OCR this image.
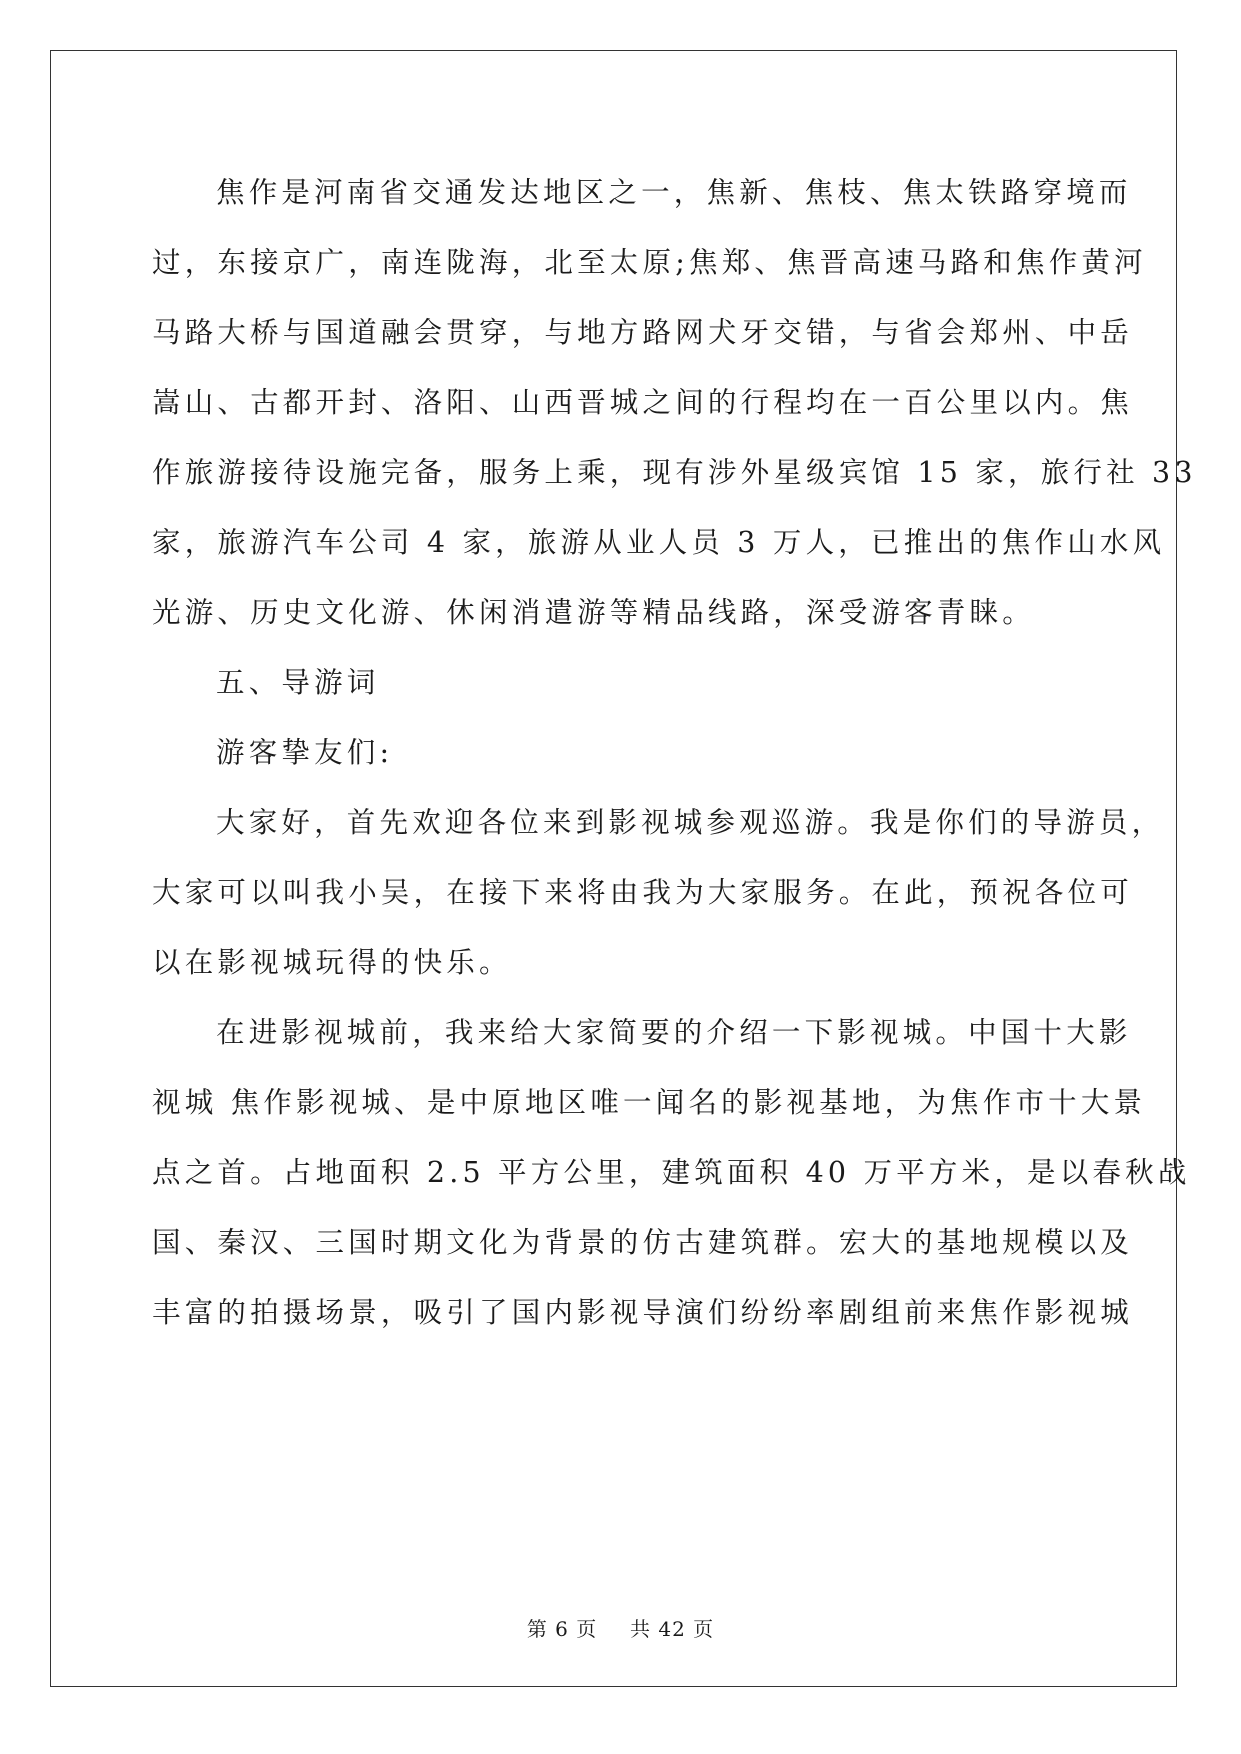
焦作是河南省交通发达地区之一，焦新、焦枝、焦太铁路穿境而
过，东接京广，南连陇海，北至太原;焦郑、焦晋高速马路和焦作黄河
马路大桥与国道融会贯穿，与地方路网犬牙交错，与省会郑州、中岳
嵩山、古都开封、洛阳、山西晋城之间的行程均在一百公里以内。焦
作旅游接待设施完备，服务上乘，现有涉外星级宾馆 15 家，旅行社 33
家，旅游汽车公司 4 家，旅游从业人员 3 万人，已推出的焦作山水风
光游、历史文化游、休闲消遣游等精品线路，深受游客青睐。

五、导游词

游客挚友们:

大家好，首先欢迎各位来到影视城参观巡游。我是你们的导游员，
大家可以叫我小吴，在接下来将由我为大家服务。在此，预祝各位可
以在影视城玩得的快乐。

在进影视城前，我来给大家简要的介绍一下影视城。中国十大影
视城 焦作影视城、是中原地区唯一闻名的影视基地，为焦作市十大景
点之首。占地面积 2.5 平方公里，建筑面积 40 万平方米，是以春秋战
国、秦汉、三国时期文化为背景的仿古建筑群。宏大的基地规模以及
丰富的拍摄场景，吸引了国内影视导演们纷纷率剧组前来焦作影视城

第 6 页 共 42 页
